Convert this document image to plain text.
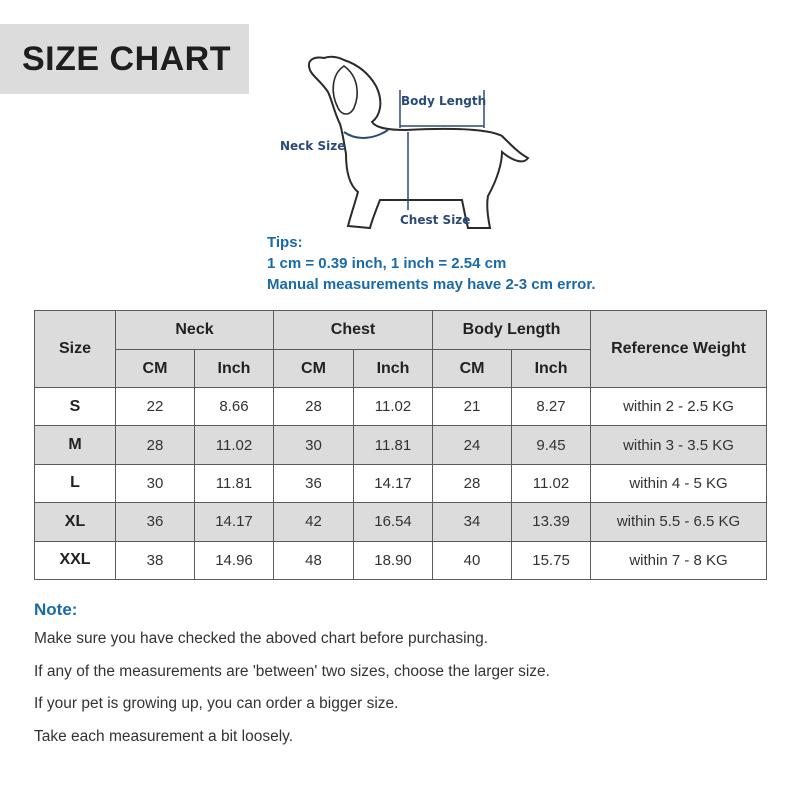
SIZE CHART
Body Length
Neck Size
Chest Size
Tips:
1 cm = 0.39 inch, 1 inch = 2.54 cm
Manual measurements may have 2-3 cm error.
Size	Neck		Chest		Body Length		Reference Weight
	CM	Inch	CM	Inch	CM	Inch	
S	22	8.66	28	11.02	21	8.27	within 2 - 2.5 KG
M	28	11.02	30	11.81	24	9.45	within 3 - 3.5 KG
L	30	11.81	36	14.17	28	11.02	within 4 - 5 KG
XL	36	14.17	42	16.54	34	13.39	within 5.5 - 6.5 KG
XXL	38	14.96	48	18.90	40	15.75	within 7 - 8 KG
Note:
Make sure you have checked the aboved chart before purchasing.
If any of the measurements are 'between' two sizes, choose the larger size.
If your pet is growing up, you can order a bigger size.
Take each measurement a bit loosely.
